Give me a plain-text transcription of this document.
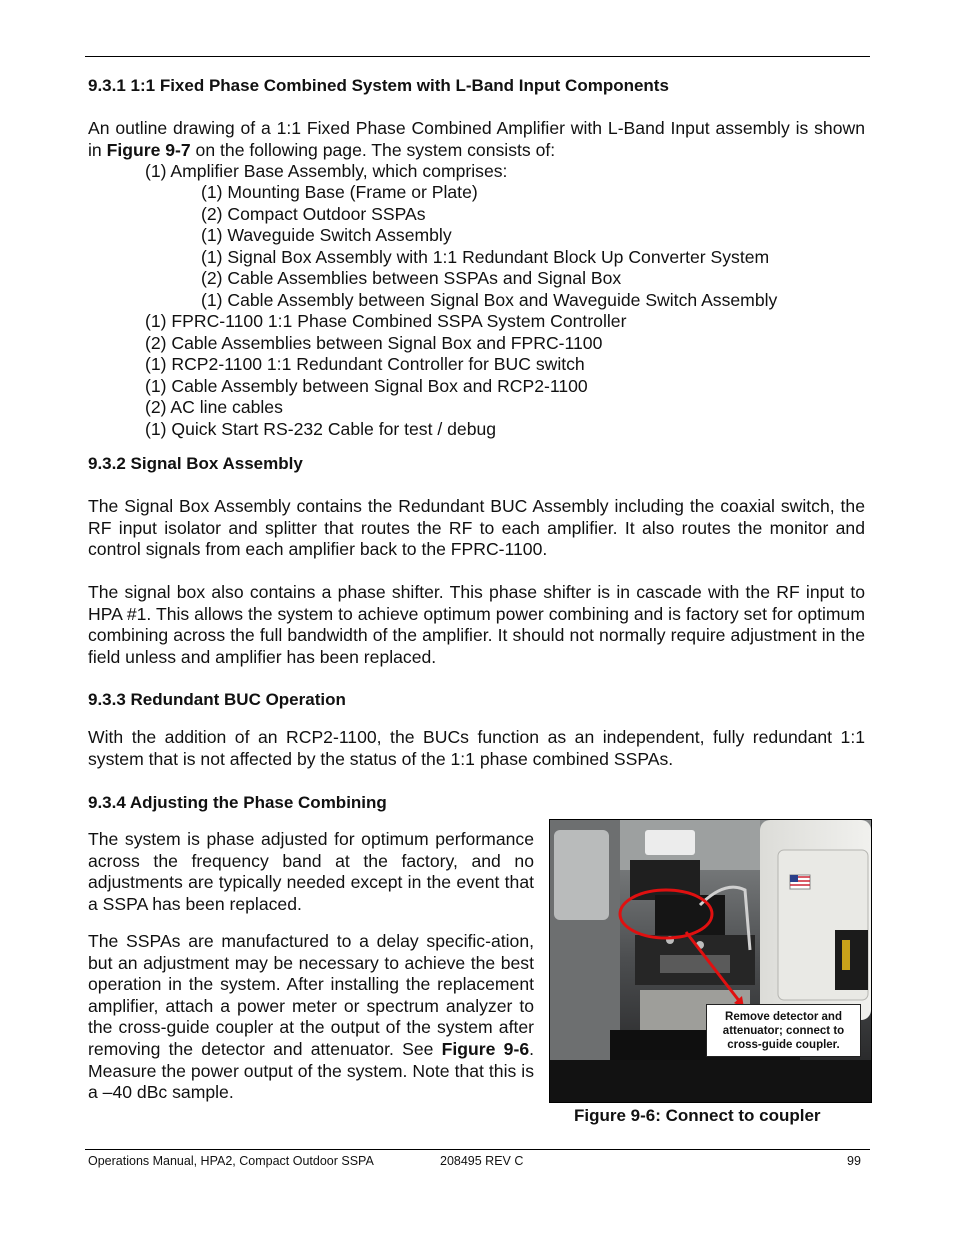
9.3.1 1:1 Fixed Phase Combined System with L-Band Input Components

An outline drawing of a 1:1 Fixed Phase Combined Amplifier with L-Band Input assembly is shown in Figure 9-7 on the following page. The system consists of:

(1) Amplifier Base Assembly, which comprises:
(1) Mounting Base (Frame or Plate)
(2) Compact Outdoor SSPAs
(1) Waveguide Switch Assembly
(1) Signal Box Assembly with 1:1 Redundant Block Up Converter System
(2) Cable Assemblies between SSPAs and Signal Box
(1) Cable Assembly between Signal Box and Waveguide Switch Assembly
(1) FPRC-1100 1:1 Phase Combined SSPA System Controller
(2) Cable Assemblies between Signal Box and FPRC-1100
(1) RCP2-1100 1:1 Redundant Controller for BUC switch
(1) Cable Assembly between Signal Box and RCP2-1100
(2) AC line cables
(1) Quick Start RS-232 Cable for test / debug
9.3.2 Signal Box Assembly

The Signal Box Assembly contains the Redundant BUC Assembly including the coaxial switch, the RF input isolator and splitter that routes the RF to each amplifier. It also routes the monitor and control signals from each amplifier back to the FPRC-1100.

The signal box also contains a phase shifter. This phase shifter is in cascade with the RF input to HPA #1. This allows the system to achieve optimum power combining and is factory set for optimum combining across the full bandwidth of the amplifier. It should not normally require adjustment in the field unless and amplifier has been replaced.

9.3.3 Redundant BUC Operation

With the addition of an RCP2-1100, the BUCs function as an independent, fully redundant 1:1 system that is not affected by the status of the 1:1 phase combined SSPAs.

9.3.4 Adjusting the Phase Combining

The system is phase adjusted for optimum performance across the frequency band at the factory, and no adjustments are typically needed except in the event that a SSPA has been replaced.

The SSPAs are manufactured to a delay specific-ation, but an adjustment may be necessary to achieve the best operation in the system. After installing the replacement amplifier, attach a power meter or spectrum analyzer to the cross-guide coupler at the output of the system after removing the detector and attenuator. See Figure 9-6. Measure the power output of the system. Note that this is a –40 dBc sample.

Remove detector and attenuator; connect to cross-guide coupler.
Figure 9-6: Connect to coupler
Operations Manual, HPA2, Compact Outdoor SSPA	208495 REV C	99
